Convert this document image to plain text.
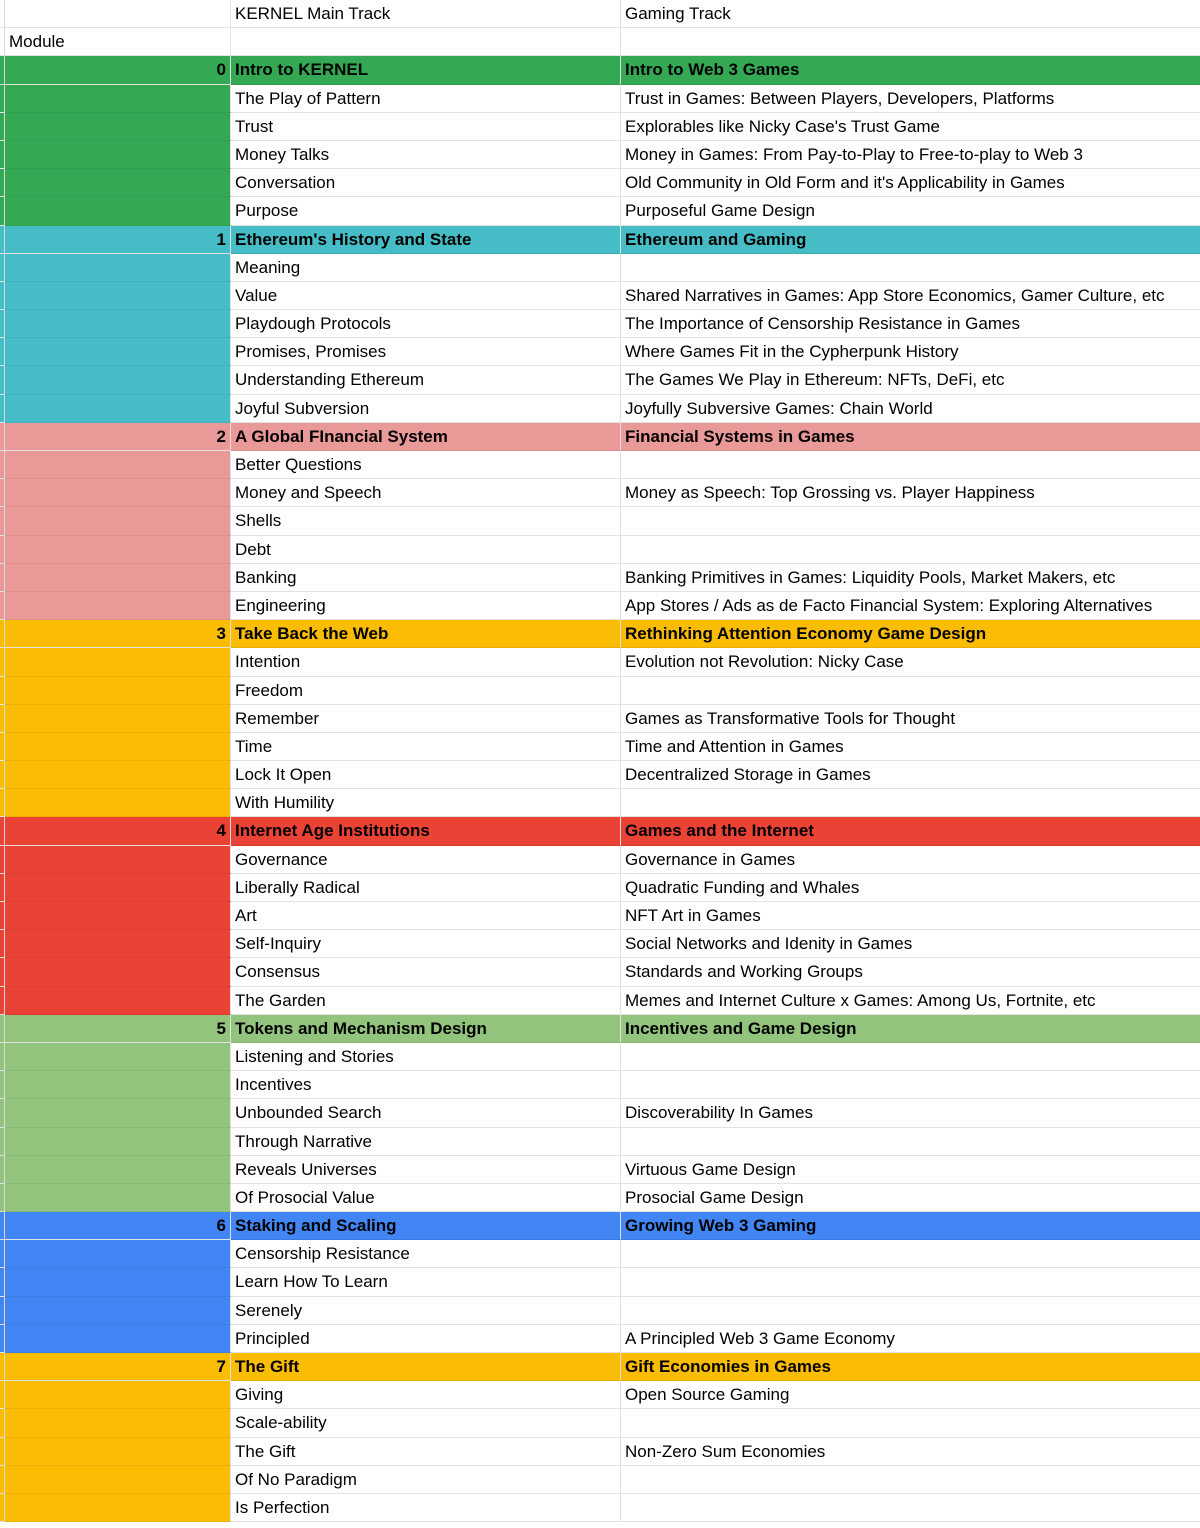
KERNEL Main Track	Gaming Track
Module
0 Intro to KERNEL	Intro to Web 3 Games
The Play of Pattern	Trust in Games: Between Players, Developers, Platforms
Trust	Explorables like Nicky Case's Trust Game
Money Talks	Money in Games: From Pay-to-Play to Free-to-play to Web 3
Conversation	Old Community in Old Form and it's Applicability in Games
Purpose	Purposeful Game Design
1 Ethereum's History and State	Ethereum and Gaming
Meaning
Value	Shared Narratives in Games: App Store Economics, Gamer Culture, etc
Playdough Protocols	The Importance of Censorship Resistance in Games
Promises, Promises	Where Games Fit in the Cypherpunk History
Understanding Ethereum	The Games We Play in Ethereum: NFTs, DeFi, etc
Joyful Subversion	Joyfully Subversive Games: Chain World
2 A Global FInancial System	Financial Systems in Games
Better Questions
Money and Speech	Money as Speech: Top Grossing vs. Player Happiness
Shells
Debt
Banking	Banking Primitives in Games: Liquidity Pools, Market Makers, etc
Engineering	App Stores / Ads as de Facto Financial System: Exploring Alternatives
3 Take Back the Web	Rethinking Attention Economy Game Design
Intention	Evolution not Revolution: Nicky Case
Freedom
Remember	Games as Transformative Tools for Thought
Time	Time and Attention in Games
Lock It Open	Decentralized Storage in Games
With Humility
4 Internet Age Institutions	Games and the Internet
Governance	Governance in Games
Liberally Radical	Quadratic Funding and Whales
Art	NFT Art in Games
Self-Inquiry	Social Networks and Idenity in Games
Consensus	Standards and Working Groups
The Garden	Memes and Internet Culture x Games: Among Us, Fortnite, etc
5 Tokens and Mechanism Design	Incentives and Game Design
Listening and Stories
Incentives
Unbounded Search	Discoverability In Games
Through Narrative
Reveals Universes	Virtuous Game Design
Of Prosocial Value	Prosocial Game Design
6 Staking and Scaling	Growing Web 3 Gaming
Censorship Resistance
Learn How To Learn
Serenely
Principled	A Principled Web 3 Game Economy
7 The Gift	Gift Economies in Games
Giving	Open Source Gaming
Scale-ability
The Gift	Non-Zero Sum Economies
Of No Paradigm
Is Perfection
